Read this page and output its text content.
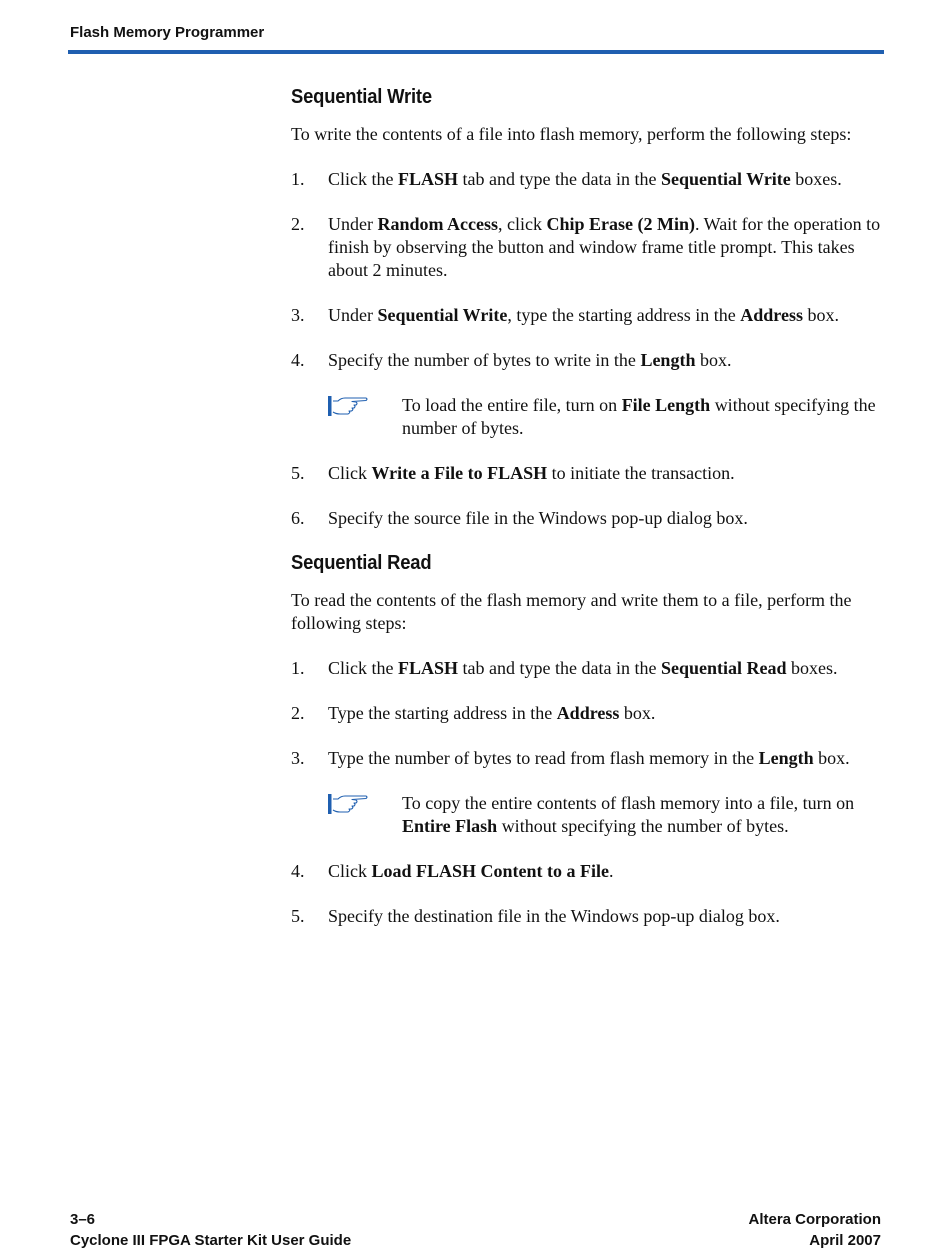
Flash Memory Programmer
Sequential Write

To write the contents of a file into flash memory, perform the following steps:

1. Click the FLASH tab and type the data in the Sequential Write boxes.
2. Under Random Access, click Chip Erase (2 Min). Wait for the operation to finish by observing the button and window frame title prompt. This takes about 2 minutes.
3. Under Sequential Write, type the starting address in the Address box.
4. Specify the number of bytes to write in the Length box.
To load the entire file, turn on File Length without specifying the number of bytes.
5. Click Write a File to FLASH to initiate the transaction.
6. Specify the source file in the Windows pop-up dialog box.
Sequential Read

To read the contents of the flash memory and write them to a file, perform the following steps:

1. Click the FLASH tab and type the data in the Sequential Read boxes.
2. Type the starting address in the Address box.
3. Type the number of bytes to read from flash memory in the Length box.
To copy the entire contents of flash memory into a file, turn on Entire Flash without specifying the number of bytes.
4. Click Load FLASH Content to a File.
5. Specify the destination file in the Windows pop-up dialog box.
3–6	Altera Corporation
Cyclone III FPGA Starter Kit User Guide	April 2007
